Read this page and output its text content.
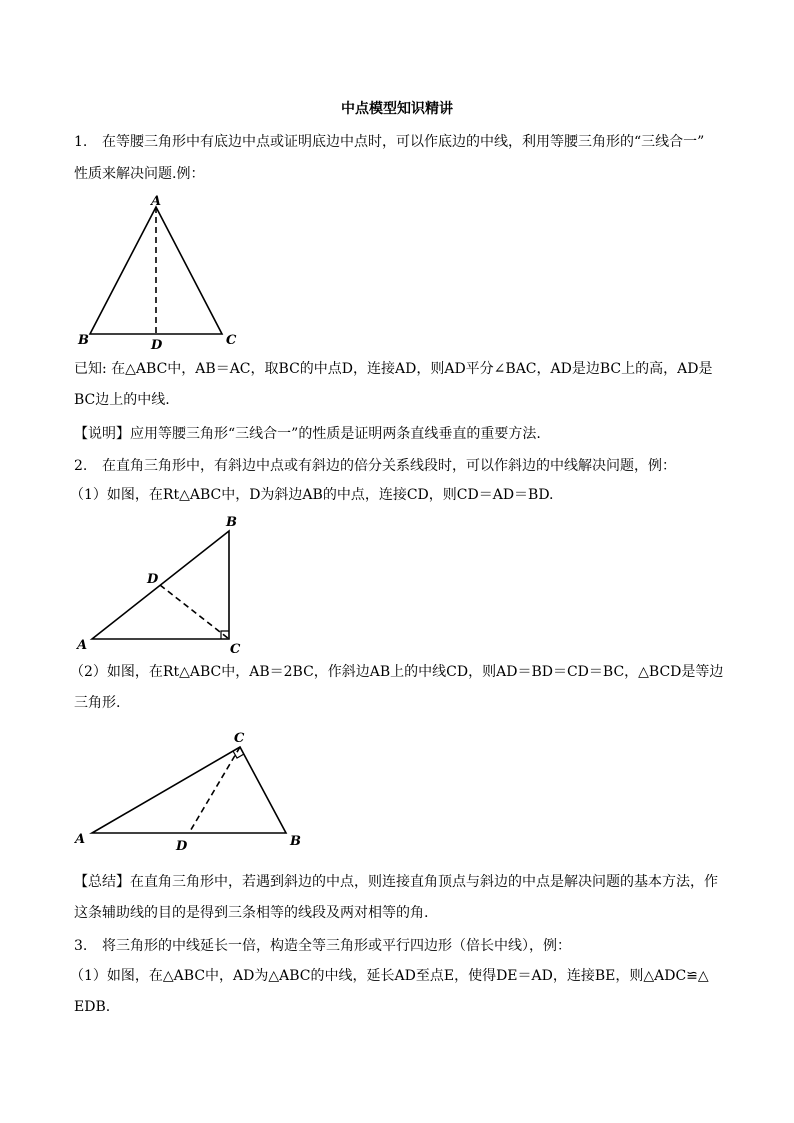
中点模型知识精讲
1. 在等腰三角形中有底边中点或证明底边中点时，可以作底边的中线，利用等腰三角形的“三线合一”
性质来解决问题.例：
A
B	C
D
已知: 在△ABC中，AB＝AC，取BC的中点D，连接AD，则AD平分∠BAC，AD是边BC上的高，AD是
BC边上的中线.
【说明】应用等腰三角形“三线合一”的性质是证明两条直线垂直的重要方法.
2. 在直角三角形中，有斜边中点或有斜边的倍分关系线段时，可以作斜边的中线解决问题，例：
（1）如图，在Rt△ABC中，D为斜边AB的中点，连接CD，则CD＝AD＝BD.
A
B
C
D
（2）如图，在Rt△ABC中，AB＝2BC，作斜边AB上的中线CD，则AD＝BD＝CD＝BC，△BCD是等边
三角形.
A	B
C
D
【总结】在直角三角形中，若遇到斜边的中点，则连接直角顶点与斜边的中点是解决问题的基本方法，作
这条辅助线的目的是得到三条相等的线段及两对相等的角.
3. 将三角形的中线延长一倍，构造全等三角形或平行四边形（倍长中线），例：
（1）如图，在△ABC中，AD为△ABC的中线，延长AD至点E，使得DE＝AD，连接BE，则△ADC≌△
EDB.
